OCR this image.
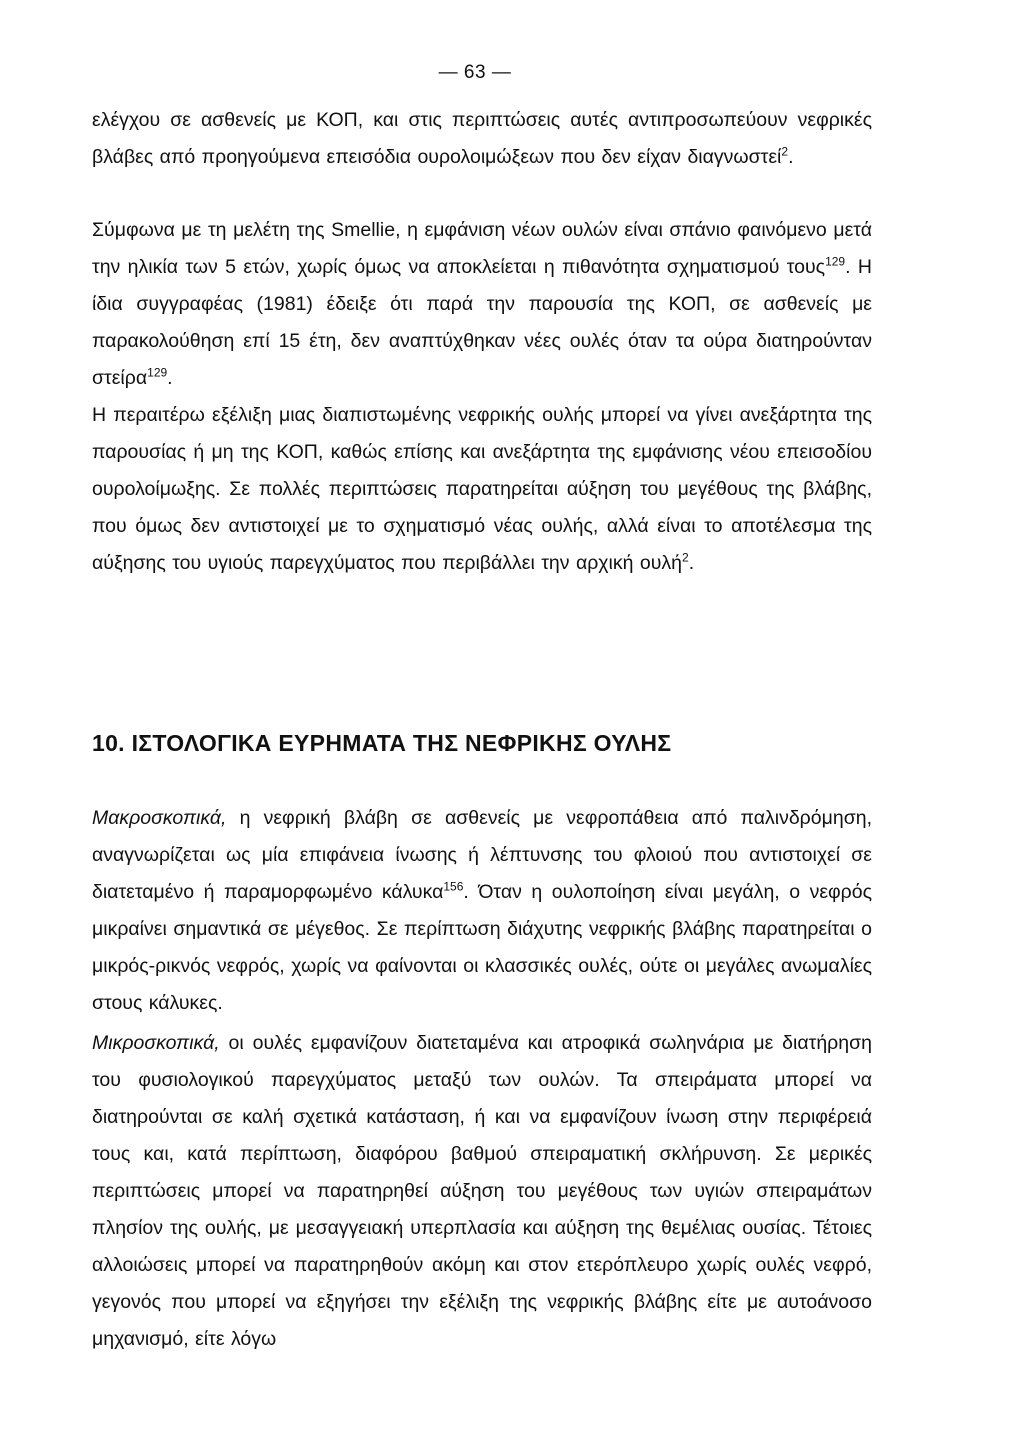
— 63 —

ελέγχου σε ασθενείς με ΚΟΠ, και στις περιπτώσεις αυτές αντιπροσωπεύουν νεφρικές βλάβες από προηγούμενα επεισόδια ουρολοιμώξεων που δεν είχαν διαγνωστεί$^2$.

Σύμφωνα με τη μελέτη της Smellie, η εμφάνιση νέων ουλών είναι σπάνιο φαινόμενο μετά την ηλικία των 5 ετών, χωρίς όμως να αποκλείεται η πιθανότητα σχηματισμού τους$^{129}$. Η ίδια συγγραφέας (1981) έδειξε ότι παρά την παρουσία της ΚΟΠ, σε ασθενείς με παρακολούθηση επί 15 έτη, δεν αναπτύχθηκαν νέες ουλές όταν τα ούρα διατηρούνταν στείρα$^{129}$.

Η περαιτέρω εξέλιξη μιας διαπιστωμένης νεφρικής ουλής μπορεί να γίνει ανεξάρτητα της παρουσίας ή μη της ΚΟΠ, καθώς επίσης και ανεξάρτητα της εμφάνισης νέου επεισοδίου ουρολοίμωξης. Σε πολλές περιπτώσεις παρατηρείται αύξηση του μεγέθους της βλάβης, που όμως δεν αντιστοιχεί με το σχηματισμό νέας ουλής, αλλά είναι το αποτέλεσμα της αύξησης του υγιούς παρεγχύματος που περιβάλλει την αρχική ουλή$^2$.

10. ΙΣΤΟΛΟΓΙΚΑ ΕΥΡΗΜΑΤΑ ΤΗΣ ΝΕΦΡΙΚΗΣ ΟΥΛΗΣ

Μακροσκοπικά, η νεφρική βλάβη σε ασθενείς με νεφροπάθεια από παλινδρόμηση, αναγνωρίζεται ως μία επιφάνεια ίνωσης ή λέπτυνσης του φλοιού που αντιστοιχεί σε διατεταμένο ή παραμορφωμένο κάλυκα$^{156}$. Όταν η ουλοποίηση είναι μεγάλη, ο νεφρός μικραίνει σημαντικά σε μέγεθος. Σε περίπτωση διάχυτης νεφρικής βλάβης παρατηρείται ο μικρός-ρικνός νεφρός, χωρίς να φαίνονται οι κλασσικές ουλές, ούτε οι μεγάλες ανωμαλίες στους κάλυκες.

Μικροσκοπικά, οι ουλές εμφανίζουν διατεταμένα και ατροφικά σωληνάρια με διατήρηση του φυσιολογικού παρεγχύματος μεταξύ των ουλών. Τα σπειράματα μπορεί να διατηρούνται σε καλή σχετικά κατάσταση, ή και να εμφανίζουν ίνωση στην περιφέρειά τους και, κατά περίπτωση, διαφόρου βαθμού σπειραματική σκλήρυνση. Σε μερικές περιπτώσεις μπορεί να παρατηρηθεί αύξηση του μεγέθους των υγιών σπειραμάτων πλησίον της ουλής, με μεσαγγειακή υπερπλασία και αύξηση της θεμέλιας ουσίας. Τέτοιες αλλοιώσεις μπορεί να παρατηρηθούν ακόμη και στον ετερόπλευρο χωρίς ουλές νεφρό, γεγονός που μπορεί να εξηγήσει την εξέλιξη της νεφρικής βλάβης είτε με αυτοάνοσο μηχανισμό, είτε λόγω
